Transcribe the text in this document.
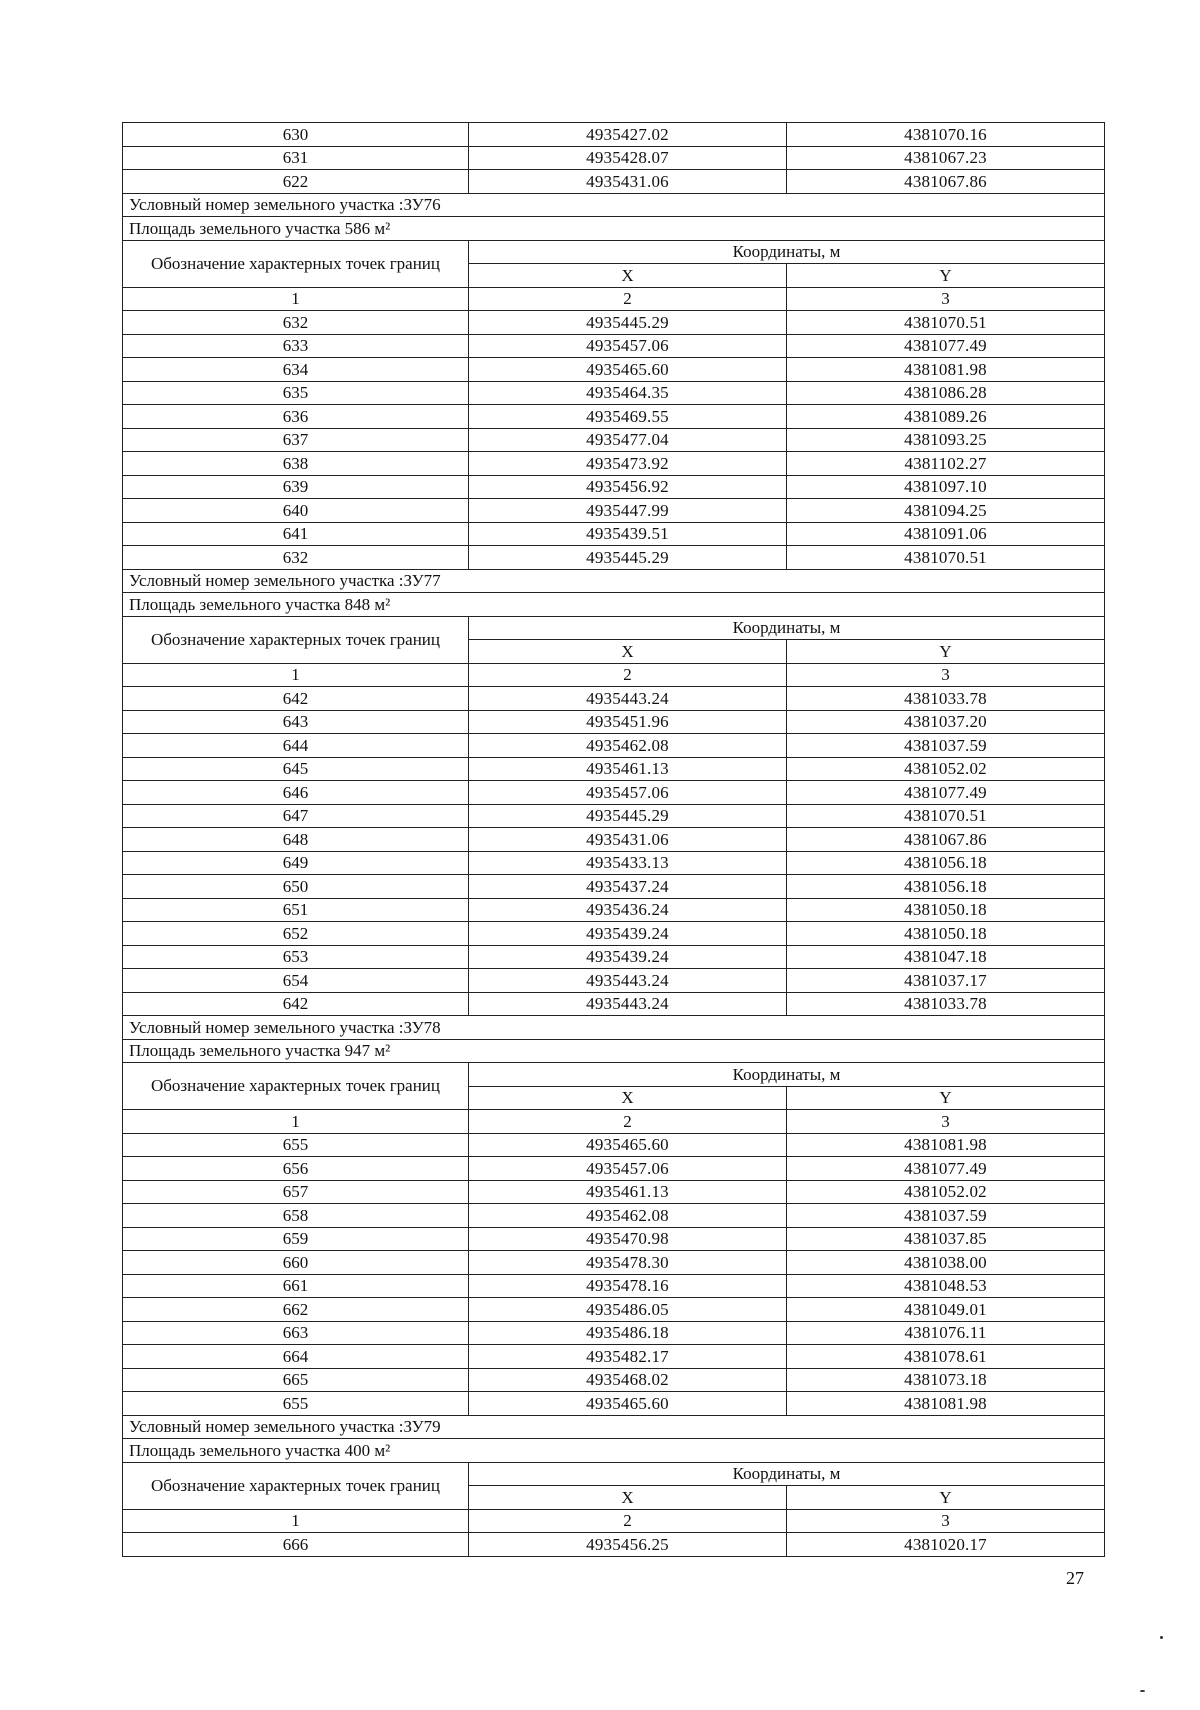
630	4935427.02	4381070.16
631	4935428.07	4381067.23
622	4935431.06	4381067.86
Условный номер земельного участка :ЗУ76		
Площадь земельного участка 586 м²		
Обозначение характерных точек границ	Координаты, м	
	X	Y
1	2	3
632	4935445.29	4381070.51
633	4935457.06	4381077.49
634	4935465.60	4381081.98
635	4935464.35	4381086.28
636	4935469.55	4381089.26
637	4935477.04	4381093.25
638	4935473.92	4381102.27
639	4935456.92	4381097.10
640	4935447.99	4381094.25
641	4935439.51	4381091.06
632	4935445.29	4381070.51
Условный номер земельного участка :ЗУ77		
Площадь земельного участка 848 м²		
Обозначение характерных точек границ	Координаты, м	
	X	Y
1	2	3
642	4935443.24	4381033.78
643	4935451.96	4381037.20
644	4935462.08	4381037.59
645	4935461.13	4381052.02
646	4935457.06	4381077.49
647	4935445.29	4381070.51
648	4935431.06	4381067.86
649	4935433.13	4381056.18
650	4935437.24	4381056.18
651	4935436.24	4381050.18
652	4935439.24	4381050.18
653	4935439.24	4381047.18
654	4935443.24	4381037.17
642	4935443.24	4381033.78
Условный номер земельного участка :ЗУ78		
Площадь земельного участка 947 м²		
Обозначение характерных точек границ	Координаты, м	
	X	Y
1	2	3
655	4935465.60	4381081.98
656	4935457.06	4381077.49
657	4935461.13	4381052.02
658	4935462.08	4381037.59
659	4935470.98	4381037.85
660	4935478.30	4381038.00
661	4935478.16	4381048.53
662	4935486.05	4381049.01
663	4935486.18	4381076.11
664	4935482.17	4381078.61
665	4935468.02	4381073.18
655	4935465.60	4381081.98
Условный номер земельного участка :ЗУ79		
Площадь земельного участка 400 м²		
Обозначение характерных точек границ	Координаты, м	
	X	Y
1	2	3
666	4935456.25	4381020.17
27
